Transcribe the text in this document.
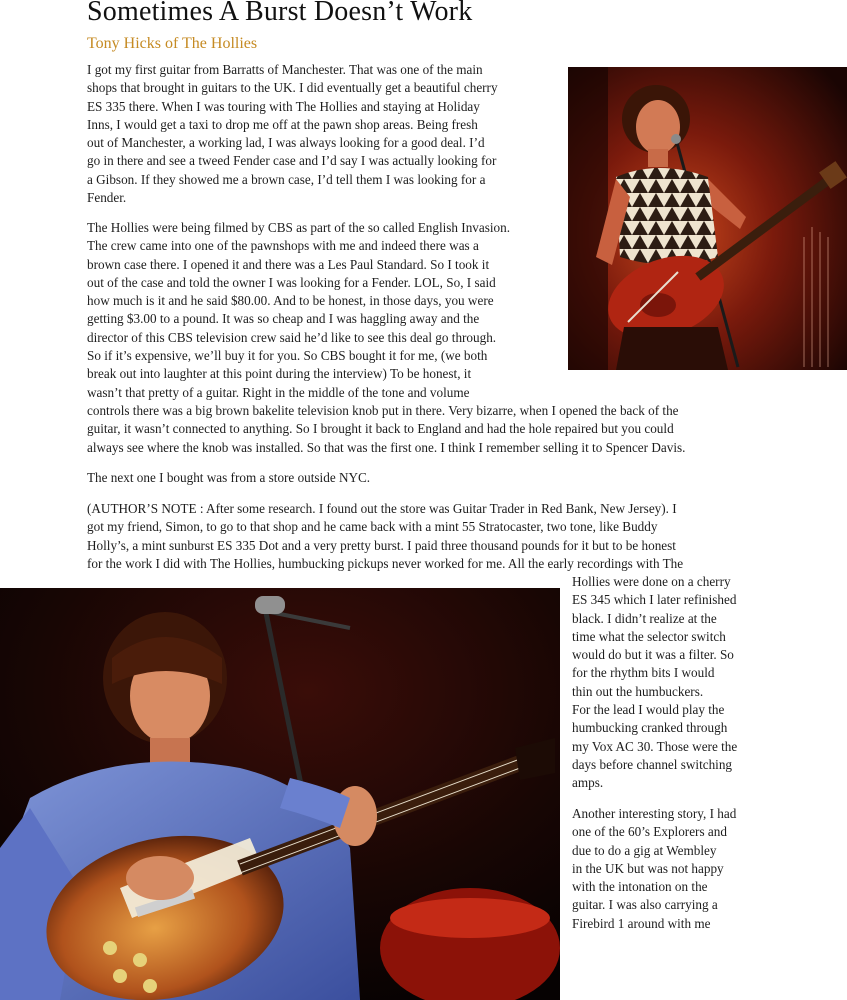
Sometimes A Burst Doesn’t Work
Tony Hicks of The Hollies

I got my first guitar from Barratts of Manchester. That was one of the main
shops that brought in guitars to the UK. I did eventually get a beautiful cherry
ES 335 there. When I was touring with The Hollies and staying at Holiday
Inns, I would get a taxi to drop me off at the pawn shop areas. Being fresh
out of Manchester, a working lad, I was always looking for a good deal. I’d
go in there and see a tweed Fender case and I’d say I was actually looking for
a Gibson. If they showed me a brown case, I’d tell them I was looking for a
Fender.

The Hollies were being filmed by CBS as part of the so called English Invasion.
The crew came into one of the pawnshops with me and indeed there was a
brown case there. I opened it and there was a Les Paul Standard. So I took it
out of the case and told the owner I was looking for a Fender. LOL, So, I said
how much is it and he said $80.00. And to be honest, in those days, you were
getting $3.00 to a pound. It was so cheap and I was haggling away and the
director of this CBS television crew said he’d like to see this deal go through.
So if it’s expensive, we’ll buy it for you. So CBS bought it for me, (we both
break out into laughter at this point during the interview) To be honest, it
wasn’t that pretty of a guitar. Right in the middle of the tone and volume
controls there was a big brown bakelite television knob put in there. Very bizarre, when I opened the back of the
guitar, it wasn’t connected to anything. So I brought it back to England and had the hole repaired but you could
always see where the knob was installed. So that was the first one. I think I remember selling it to Spencer Davis.

The next one I bought was from a store outside NYC.

(AUTHOR’S NOTE : After some research. I found out the store was Guitar Trader in Red Bank, New Jersey). I
got my friend, Simon, to go to that shop and he came back with a mint 55 Stratocaster, two tone, like Buddy
Holly’s, a mint sunburst ES 335 Dot and a very pretty burst. I paid three thousand pounds for it but to be honest
for the work I did with The Hollies, humbucking pickups never worked for me. All the early recordings with The

Hollies were done on a cherry
ES 345 which I later refinished
black. I didn’t realize at the
time what the selector switch
would do but it was a filter. So
for the rhythm bits I would
thin out the humbuckers.
For the lead I would play the
humbucking cranked through
my Vox AC 30. Those were the
days before channel switching
amps.

Another interesting story, I had
one of the 60’s Explorers and
due to do a gig at Wembley
in the UK but was not happy
with the intonation on the
guitar. I was also carrying a
Firebird 1 around with me
